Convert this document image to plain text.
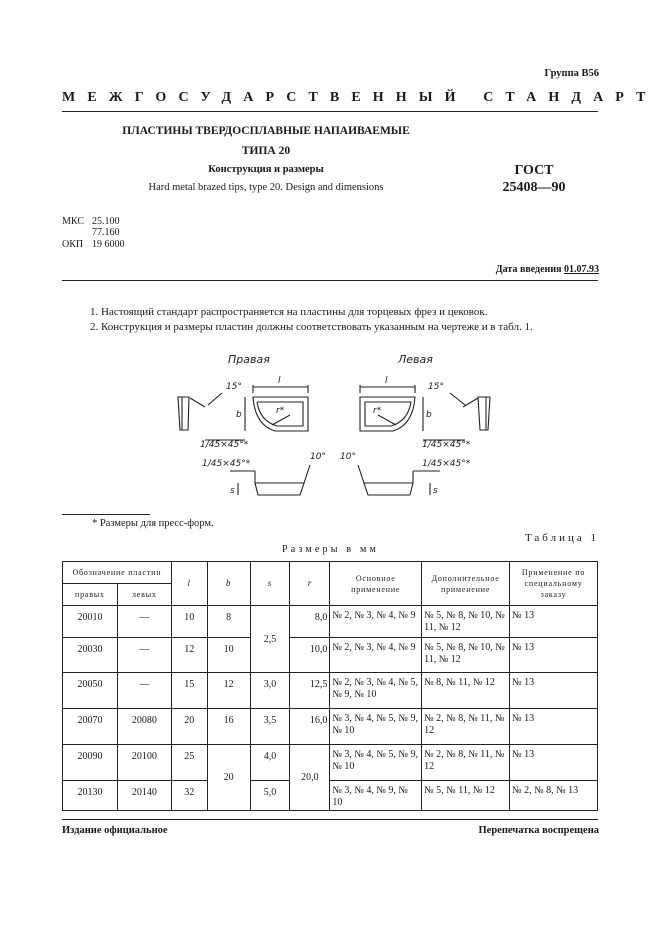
Группа В56
МЕЖГОСУДАРСТВЕННЫЙ СТАНДАРТ
ПЛАСТИНЫ ТВЕРДОСПЛАВНЫЕ НАПАИВАЕМЫЕ
ТИПА 20
Конструкция и размеры
Hard metal brazed tips, type 20. Design and dimensions
ГОСТ
25408—90
МКС 25.100
77.160
ОКП 19 6000
Дата введения 01.07.93
1. Настоящий стандарт распространяется на пластины для торцевых фрез и цековок.
2. Конструкция и размеры пластин должны соответствовать указанным на чертеже и в табл. 1.
Правая	Левая
l	l
b	b
r*	r*
15°	15°
1/45×45°*	1/45×45°*
1/45×45°*	1/45×45°*
10° 10°
s	s
* Размеры для пресс-форм.
Таблица 1
Размеры в мм
Обозначение пластин		l	b	s	r	Основное применение	Дополнительное применение	Применение по специальному заказу
правых	левых							
20010	—	10	8	2,5	8,0	№ 2, № 3, № 4, № 9	№ 5, № 8, № 10, № 11, № 12	№ 13
20030	—	12	10		10,0	№ 2, № 3, № 4, № 9	№ 5, № 8, № 10, № 11, № 12	№ 13
20050	—	15	12	3,0	12,5	№ 2, № 3, № 4, № 5, № 9, № 10	№ 8, № 11, № 12	№ 13
20070	20080	20	16	3,5	16,0	№ 3, № 4, № 5, № 9, № 10	№ 2, № 8, № 11, № 12	№ 13
20090	20100	25	20	4,0	20,0	№ 3, № 4, № 5, № 9, № 10	№ 2, № 8, № 11, № 12	№ 13
20130	20140	32		5,0		№ 3, № 4, № 9, № 10	№ 5, № 11, № 12	№ 2, № 8, № 13
Издание официальное	Перепечатка воспрещена
